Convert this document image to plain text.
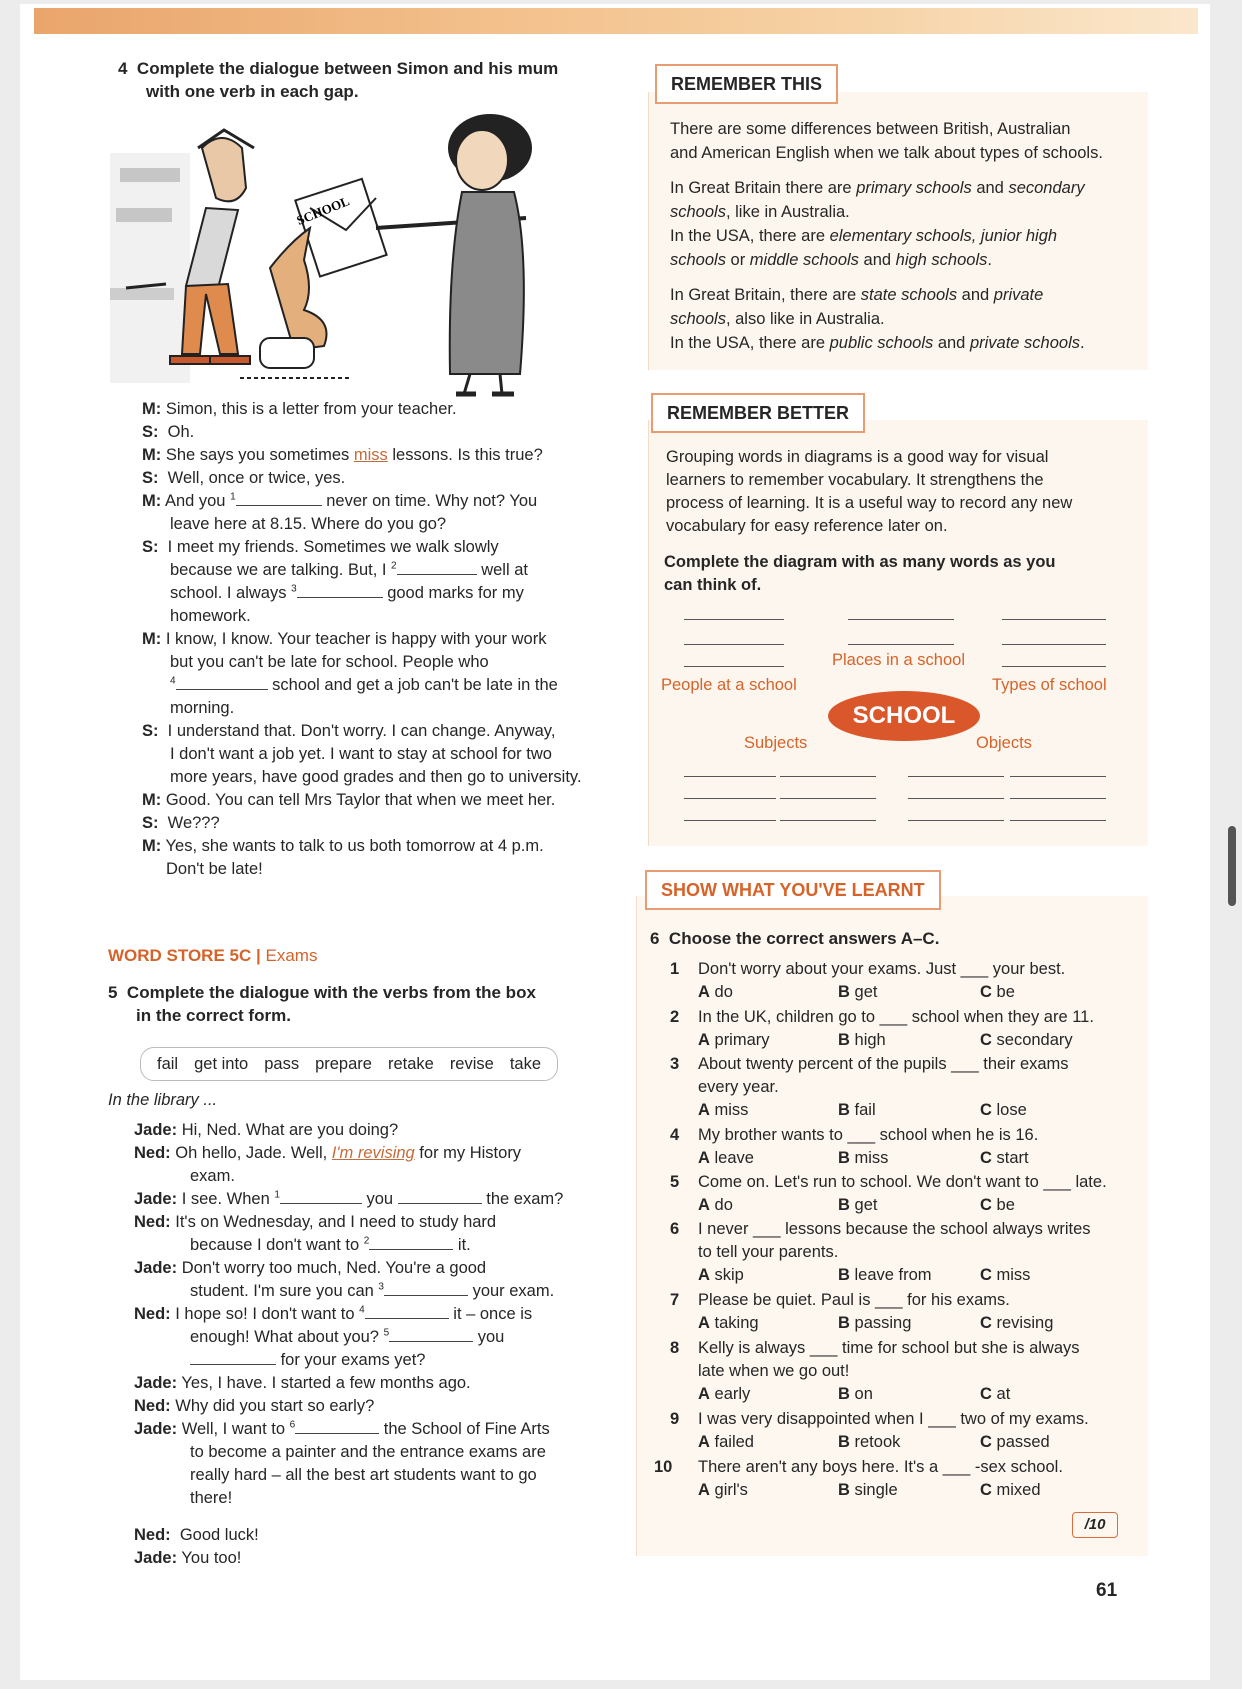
4 Complete the dialogue between Simon and his mum
with one verb in each gap.
SCHOOL
M: Simon, this is a letter from your teacher.
S: Oh.
M: She says you sometimes miss lessons. Is this true?
S: Well, once or twice, yes.
M: And you $^1$	never on time. Why not? You
leave here at 8.15. Where do you go?
S: I meet my friends. Sometimes we walk slowly
because we are talking. But, I $^2$	well at
school. I always $^3$	good marks for my
homework.
M: I know, I know. Your teacher is happy with your work
but you can't be late for school. People who
$^4$	school and get a job can't be late in the
morning.
S: I understand that. Don't worry. I can change. Anyway,
I don't want a job yet. I want to stay at school for two
more years, have good grades and then go to university.
M: Good. You can tell Mrs Taylor that when we meet her.
S: We???
M: Yes, she wants to talk to us both tomorrow at 4 p.m.
Don't be late!
WORD STORE 5C | Exams
5 Complete the dialogue with the verbs from the box
in the correct form.
fail get into pass prepare retake revise take
In the library ...
Jade: Hi, Ned. What are you doing?
Ned: Oh hello, Jade. Well, I'm revising for my History
exam.
Jade: I see. When $^1$	you	the exam?
Ned: It's on Wednesday, and I need to study hard
because I don't want to $^2$	it.
Jade: Don't worry too much, Ned. You're a good
student. I'm sure you can $^3$	your exam.
Ned: I hope so! I don't want to $^4$	it – once is
enough! What about you? $^5$	you
for your exams yet?
Jade: Yes, I have. I started a few months ago.
Ned: Why did you start so early?
Jade: Well, I want to $^6$	the School of Fine Arts
to become a painter and the entrance exams are
really hard – all the best art students want to go
there!
Ned: Good luck!
Jade: You too!
REMEMBER THIS
There are some differences between British, Australian
and American English when we talk about types of schools.
In Great Britain there are primary schools and secondary
schools, like in Australia.
In the USA, there are elementary schools, junior high
schools or middle schools and high schools.
In Great Britain, there are state schools and private
schools, also like in Australia.
In the USA, there are public schools and private schools.
REMEMBER BETTER
Grouping words in diagrams is a good way for visual
learners to remember vocabulary. It strengthens the
process of learning. It is a useful way to record any new
vocabulary for easy reference later on.
Complete the diagram with as many words as you
can think of.
Places in a school
People at a school	Types of school
SCHOOL
Subjects	Objects
SHOW WHAT YOU'VE LEARNT
6 Choose the correct answers A–C.
1 Don't worry about your exams. Just ___ your best.
A do	B get	C be
2 In the UK, children go to ___ school when they are 11.
A primary	B high	C secondary
3 About twenty percent of the pupils ___ their exams
every year.
A miss	B fail	C lose
4 My brother wants to ___ school when he is 16.
A leave	B miss	C start
5 Come on. Let's run to school. We don't want to ___ late.
A do	B get	C be
6 I never ___ lessons because the school always writes
to tell your parents.
A skip	B leave from	C miss
7 Please be quiet. Paul is ___ for his exams.
A taking	B passing	C revising
8 Kelly is always ___ time for school but she is always
late when we go out!
A early	B on	C at
9 I was very disappointed when I ___ two of my exams.
A failed	B retook	C passed
10 There aren't any boys here. It's a ___ -sex school.
A girl's	B single	C mixed
/10
61
